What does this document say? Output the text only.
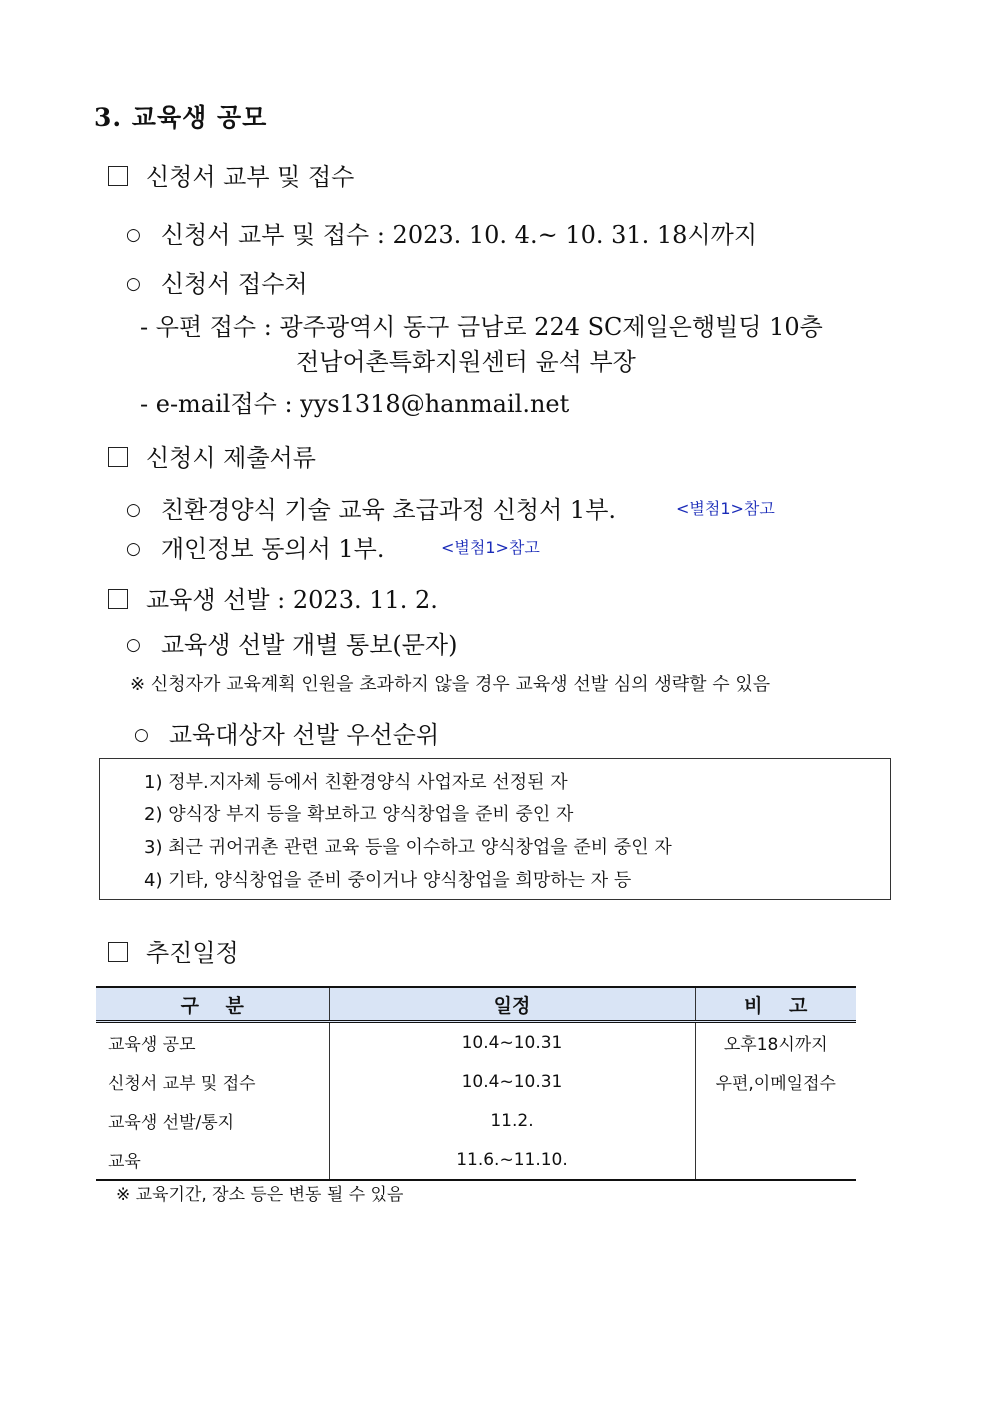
3. 교육생 공모
신청서 교부 및 접수
○ 신청서 교부 및 접수 : 2023. 10. 4.~ 10. 31. 18시까지
○ 신청서 접수처
- 우편 접수 : 광주광역시 동구 금남로 224 SC제일은행빌딩 10층
전남어촌특화지원센터 윤석 부장
- e-mail접수 : yys1318@hanmail.net
신청시 제출서류
○ 친환경양식 기술 교육 초급과정 신청서 1부.	<별첨1>참고
○ 개인정보 동의서 1부.	<별첨1>참고
교육생 선발 : 2023. 11. 2.
○ 교육생 선발 개별 통보(문자)
※ 신청자가 교육계획 인원을 초과하지 않을 경우 교육생 선발 심의 생략할 수 있음
○ 교육대상자 선발 우선순위
1) 정부.지자체 등에서 친환경양식 사업자로 선정된 자
2) 양식장 부지 등을 확보하고 양식창업을 준비 중인 자
3) 최근 귀어귀촌 관련 교육 등을 이수하고 양식창업을 준비 중인 자
4) 기타, 양식창업을 준비 중이거나 양식창업을 희망하는 자 등
추진일정
구    분	일정	비    고
교육생 공모	10.4~10.31	오후18시까지
신청서 교부 및 접수	10.4~10.31	우편,이메일접수
교육생 선발/통지	11.2.	
교육	11.6.~11.10.	
※ 교육기간, 장소 등은 변동 될 수 있음
